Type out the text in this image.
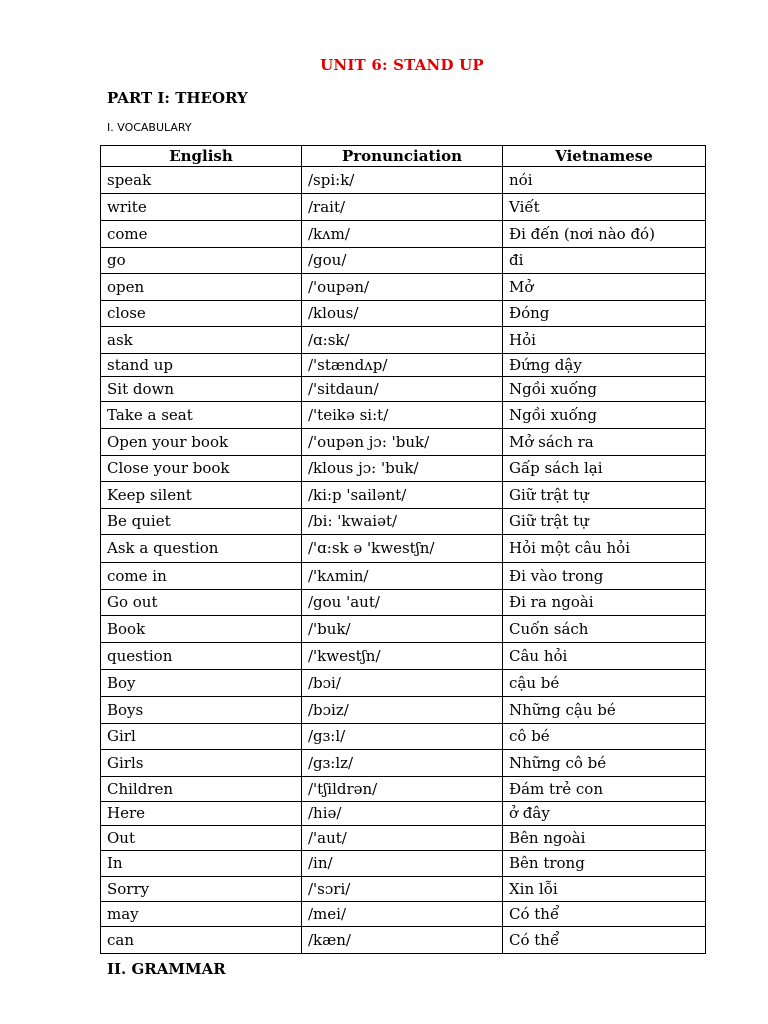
UNIT 6: STAND UP
PART I: THEORY
I. VOCABULARY
English	Pronunciation	Vietnamese
speak	/spi:k/	nói
write	/rait/	Viết
come	/kʌm/	Đi đến (nơi nào đó)
go	/gou/	đi
open	/'oupən/	Mở
close	/klous/	Đóng
ask	/ɑ:sk/	Hỏi
stand up	/'stændʌp/	Đứng dậy
Sit down	/'sitdaun/	Ngồi xuống
Take a seat	/'teikə si:t/	Ngồi xuống
Open your book	/'oupən jɔ: 'buk/	Mở sách ra
Close your book	/klous jɔ: 'buk/	Gấp sách lại
Keep silent	/ki:p 'sailənt/	Giữ trật tự
Be quiet	/bi: 'kwaiət/	Giữ trật tự
Ask a question	/'ɑ:sk ə 'kwestʃn/	Hỏi một câu hỏi
come in	/'kʌmin/	Đi vào trong
Go out	/gou 'aut/	Đi ra ngoài
Book	/'buk/	Cuốn sách
question	/'kwestʃn/	Câu hỏi
Boy	/bɔi/	cậu bé
Boys	/bɔiz/	Những cậu bé
Girl	/gɜ:l/	cô bé
Girls	/gɜ:lz/	Những cô bé
Children	/'tʃildrən/	Đám trẻ con
Here	/hiə/	ở đây
Out	/'aut/	Bên ngoài
In	/in/	Bên trong
Sorry	/'sɔri/	Xin lỗi
may	/mei/	Có thể
can	/kæn/	Có thể
II. GRAMMAR
